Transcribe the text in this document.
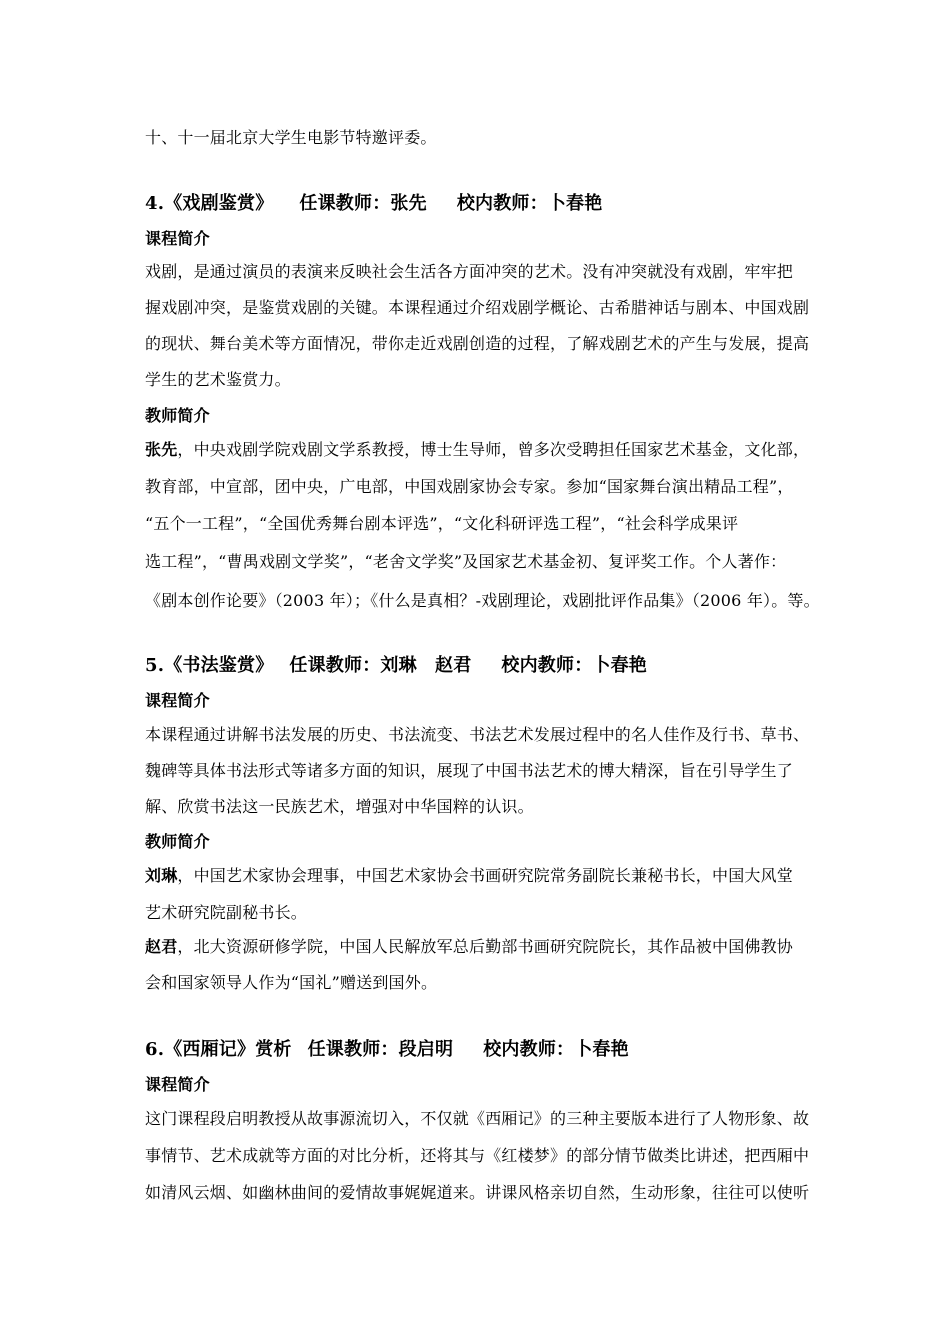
十、十一届北京大学生电影节特邀评委。

4.《戏剧鉴赏》 任课教师：张先 校内教师：卜春艳

课程简介

戏剧，是通过演员的表演来反映社会生活各方面冲突的艺术。没有冲突就没有戏剧，牢牢把

握戏剧冲突，是鉴赏戏剧的关键。本课程通过介绍戏剧学概论、古希腊神话与剧本、中国戏剧

的现状、舞台美术等方面情况，带你走近戏剧创造的过程，了解戏剧艺术的产生与发展，提高

学生的艺术鉴赏力。

教师简介

张先，中央戏剧学院戏剧文学系教授，博士生导师，曾多次受聘担任国家艺术基金，文化部，

教育部，中宣部，团中央，广电部，中国戏剧家协会专家。参加“国家舞台演出精品工程”，

“五个一工程”，“全国优秀舞台剧本评选”，“文化科研评选工程”，“社会科学成果评

选工程”，“曹禺戏剧文学奖”，“老舍文学奖”及国家艺术基金初、复评奖工作。个人著作：

《剧本创作论要》（2003 年）；《什么是真相？-戏剧理论，戏剧批评作品集》（2006 年）。等。

5.《书法鉴赏》 任课教师：刘琳　赵君 校内教师：卜春艳

课程简介

本课程通过讲解书法发展的历史、书法流变、书法艺术发展过程中的名人佳作及行书、草书、

魏碑等具体书法形式等诸多方面的知识，展现了中国书法艺术的博大精深，旨在引导学生了

解、欣赏书法这一民族艺术，增强对中华国粹的认识。

教师简介

刘琳，中国艺术家协会理事，中国艺术家协会书画研究院常务副院长兼秘书长，中国大风堂

艺术研究院副秘书长。

赵君，北大资源研修学院，中国人民解放军总后勤部书画研究院院长，其作品被中国佛教协

会和国家领导人作为“国礼”赠送到国外。

6.《西厢记》赏析 任课教师：段启明 校内教师：卜春艳

课程简介

这门课程段启明教授从故事源流切入，不仅就《西厢记》的三种主要版本进行了人物形象、故

事情节、艺术成就等方面的对比分析，还将其与《红楼梦》的部分情节做类比讲述，把西厢中

如清风云烟、如幽林曲间的爱情故事娓娓道来。讲课风格亲切自然，生动形象，往往可以使听
